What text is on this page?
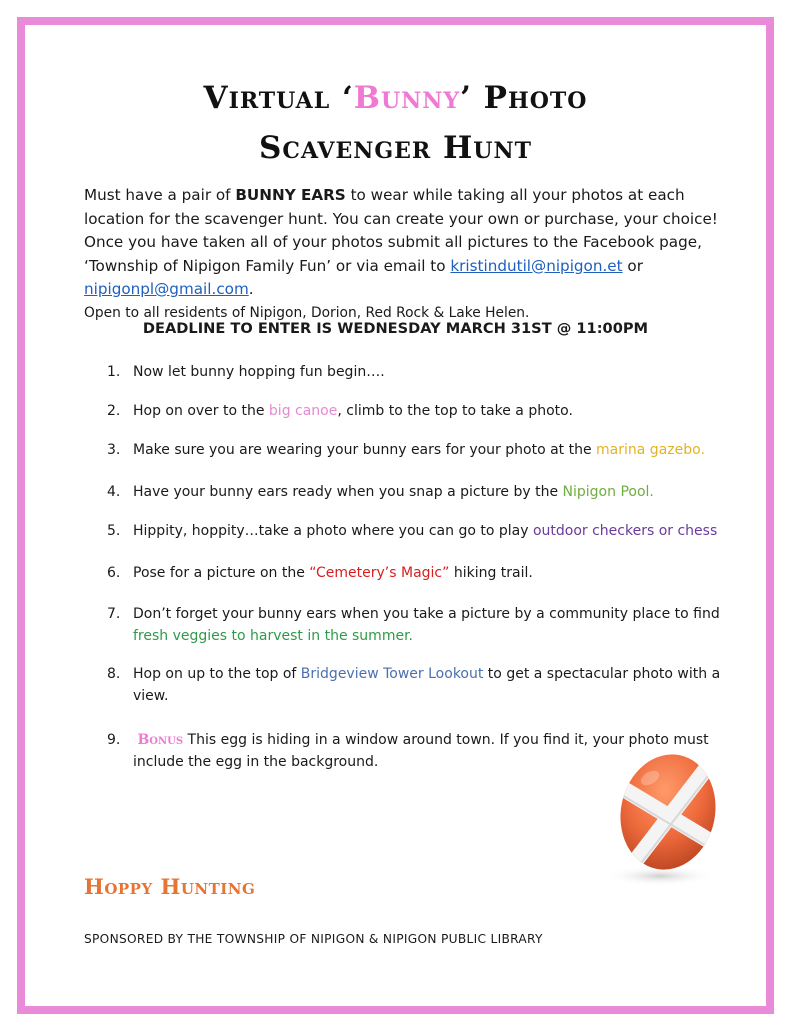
Virtual ‘Bunny’ Photo
Scavenger Hunt

Must have a pair of BUNNY EARS to wear while taking all your photos at each location for the scavenger hunt. You can create your own or purchase, your choice! Once you have taken all of your photos submit all pictures to the Facebook page, ‘Township of Nipigon Family Fun’ or via email to kristindutil@nipigon.et or nipigonpl@gmail.com.

Open to all residents of Nipigon, Dorion, Red Rock & Lake Helen.

DEADLINE TO ENTER IS WEDNESDAY MARCH 31ST @ 11:00PM
1. Now let bunny hopping fun begin….
2. Hop on over to the big canoe, climb to the top to take a photo.
3. Make sure you are wearing your bunny ears for your photo at the marina gazebo.
4. Have your bunny ears ready when you snap a picture by the Nipigon Pool.
5. Hippity, hoppity…take a photo where you can go to play outdoor checkers or chess
6. Pose for a picture on the “Cemetery’s Magic” hiking trail.
7. Don’t forget your bunny ears when you take a picture by a community place to find fresh veggies to harvest in the summer.
8. Hop on up to the top of Bridgeview Tower Lookout to get a spectacular photo with a view.
9.	Bonus This egg is hiding in a window around town. If you find it, your photo must include the egg in the background.
Hoppy Hunting
SPONSORED BY THE TOWNSHIP OF NIPIGON & NIPIGON PUBLIC LIBRARY
